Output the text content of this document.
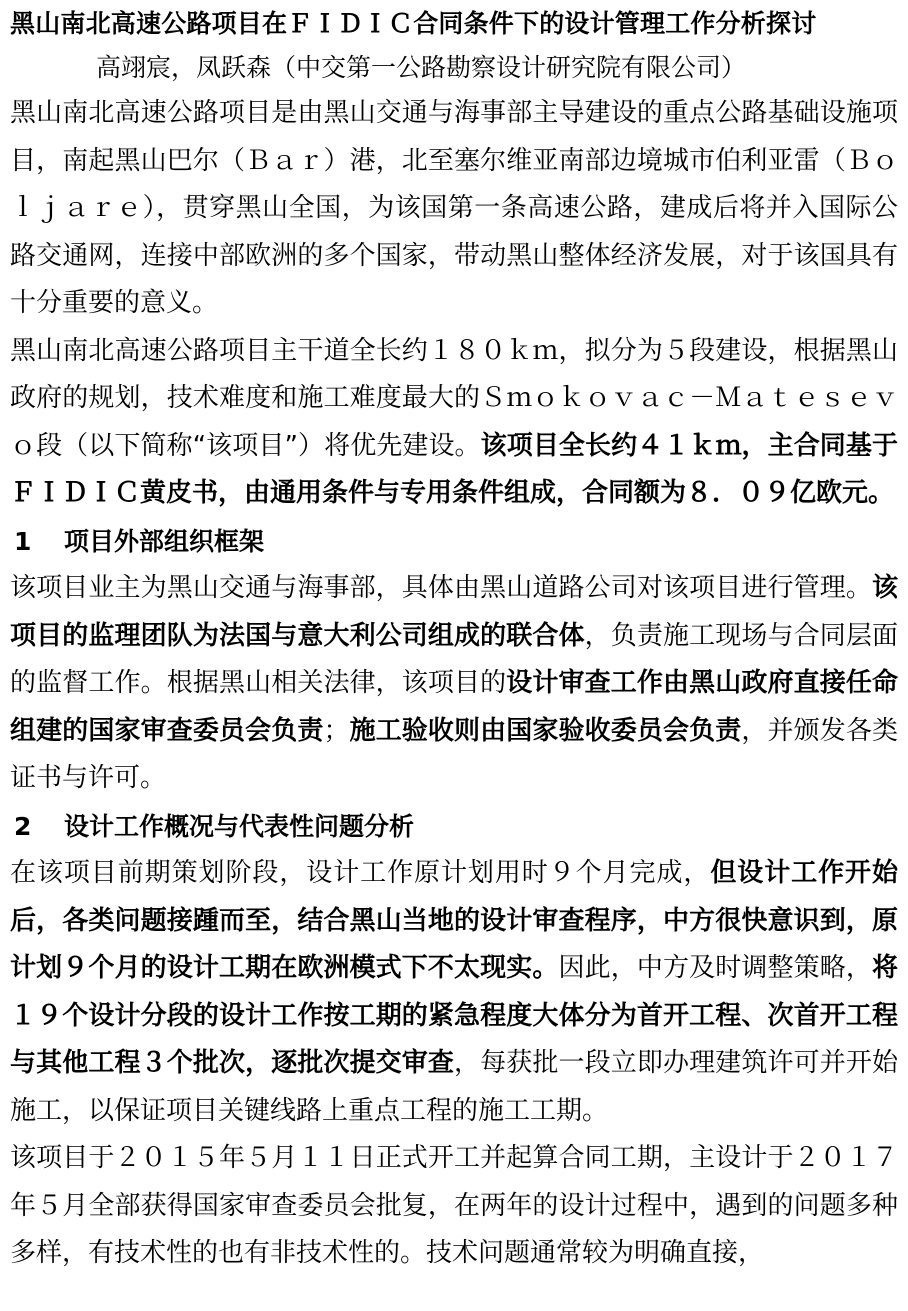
黑山南北高速公路项目在ＦＩＤＩＣ合同条件下的设计管理工作分析探讨

高翊宸，凤跃森（中交第一公路勘察设计研究院有限公司）

黑山南北高速公路项目是由黑山交通与海事部主导建设的重点公路基础设施项目，南起黑山巴尔（Ｂａｒ）港，北至塞尔维亚南部边境城市伯利亚雷（Ｂｏｌｊａｒｅ），贯穿黑山全国，为该国第一条高速公路，建成后将并入国际公路交通网，连接中部欧洲的多个国家，带动黑山整体经济发展，对于该国具有十分重要的意义。

黑山南北高速公路项目主干道全长约１８０ｋｍ，拟分为５段建设，根据黑山政府的规划，技术难度和施工难度最大的Ｓｍｏｋｏｖａｃ－Ｍａｔｅｓｅｖｏ段（以下简称“该项目”）将优先建设。该项目全长约４１ｋｍ，主合同基于ＦＩＤＩＣ黄皮书，由通用条件与专用条件组成，合同额为８．０９亿欧元。

1 项目外部组织框架

该项目业主为黑山交通与海事部，具体由黑山道路公司对该项目进行管理。该项目的监理团队为法国与意大利公司组成的联合体，负责施工现场与合同层面的监督工作。根据黑山相关法律，该项目的设计审查工作由黑山政府直接任命组建的国家审查委员会负责；施工验收则由国家验收委员会负责，并颁发各类证书与许可。

2 设计工作概况与代表性问题分析

在该项目前期策划阶段，设计工作原计划用时９个月完成，但设计工作开始后，各类问题接踵而至，结合黑山当地的设计审查程序，中方很快意识到，原计划９个月的设计工期在欧洲模式下不太现实。因此，中方及时调整策略，将１９个设计分段的设计工作按工期的紧急程度大体分为首开工程、次首开工程与其他工程３个批次，逐批次提交审查，每获批一段立即办理建筑许可并开始施工，以保证项目关键线路上重点工程的施工工期。

该项目于２０１５年５月１１日正式开工并起算合同工期，主设计于２０１７年５月全部获得国家审查委员会批复，在两年的设计过程中，遇到的问题多种多样，有技术性的也有非技术性的。技术问题通常较为明确直接，
